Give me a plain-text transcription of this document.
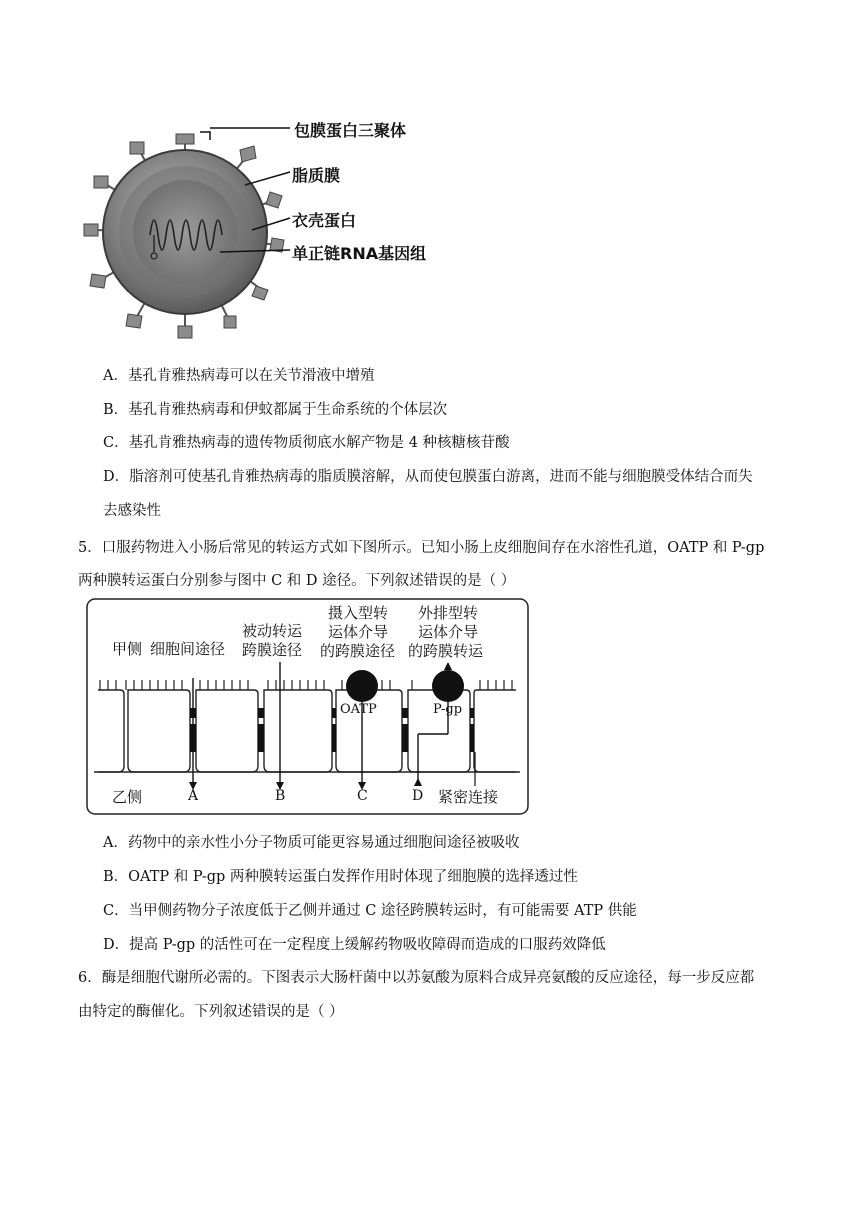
包膜蛋白三聚体
脂质膜
衣壳蛋白
单正链RNA基因组
A．基孔肯雅热病毒可以在关节滑液中增殖
B．基孔肯雅热病毒和伊蚊都属于生命系统的个体层次
C．基孔肯雅热病毒的遗传物质彻底水解产物是 4 种核糖核苷酸
D．脂溶剂可使基孔肯雅热病毒的脂质膜溶解，从而使包膜蛋白游离，进而不能与细胞膜受体结合而失
去感染性
5．口服药物进入小肠后常见的转运方式如下图所示。已知小肠上皮细胞间存在水溶性孔道，OATP 和 P-gp
两种膜转运蛋白分别参与图中 C 和 D 途径。下列叙述错误的是（ ）
甲侧 细胞间途径
被动转运
跨膜途径
摄入型转
运体介导
的跨膜途径
外排型转
运体介导
的跨膜转运
OATP	P-gp
乙侧	A	B	C	D 紧密连接
A．药物中的亲水性小分子物质可能更容易通过细胞间途径被吸收
B．OATP 和 P-gp 两种膜转运蛋白发挥作用时体现了细胞膜的选择透过性
C．当甲侧药物分子浓度低于乙侧并通过 C 途径跨膜转运时，有可能需要 ATP 供能
D．提高 P-gp 的活性可在一定程度上缓解药物吸收障碍而造成的口服药效降低
6．酶是细胞代谢所必需的。下图表示大肠杆菌中以苏氨酸为原料合成异亮氨酸的反应途径，每一步反应都
由特定的酶催化。下列叙述错误的是（ ）
